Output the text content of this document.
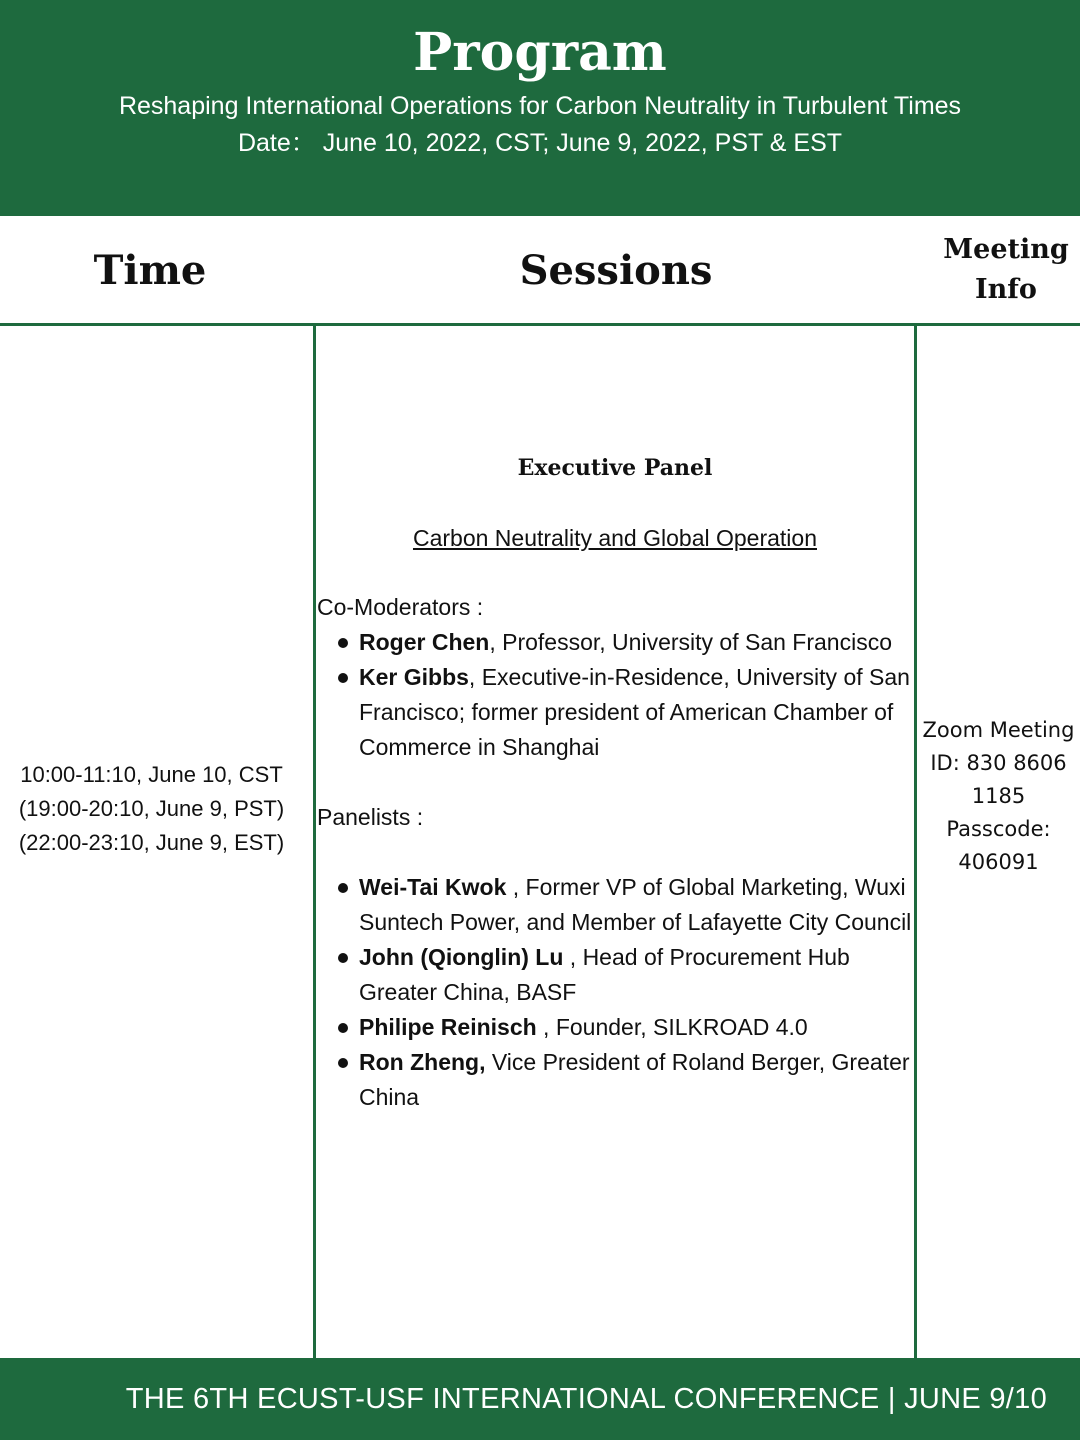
Program
Reshaping International Operations for Carbon Neutrality in Turbulent Times
Date： June 10, 2022, CST; June 9, 2022, PST & EST
Time	Sessions	Meeting
Info
10:00-11:10, June 10, CST
(19:00-20:10, June 9, PST)
(22:00-23:10, June 9, EST)
Executive Panel
Carbon Neutrality and Global Operation
Co-Moderators :
Roger Chen, Professor, University of San Francisco
Ker Gibbs, Executive-in-Residence, University of San Francisco; former president of American Chamber of Commerce in Shanghai
Panelists :
Wei-Tai Kwok , Former VP of Global Marketing, Wuxi Suntech Power, and Member of Lafayette City Council
John (Qionglin) Lu , Head of Procurement Hub Greater China, BASF
Philipe Reinisch , Founder, SILKROAD 4.0
Ron Zheng, Vice President of Roland Berger, Greater China
Zoom Meeting
ID: 830 8606
1185
Passcode:
406091
THE 6TH ECUST-USF INTERNATIONAL CONFERENCE | JUNE 9/10
